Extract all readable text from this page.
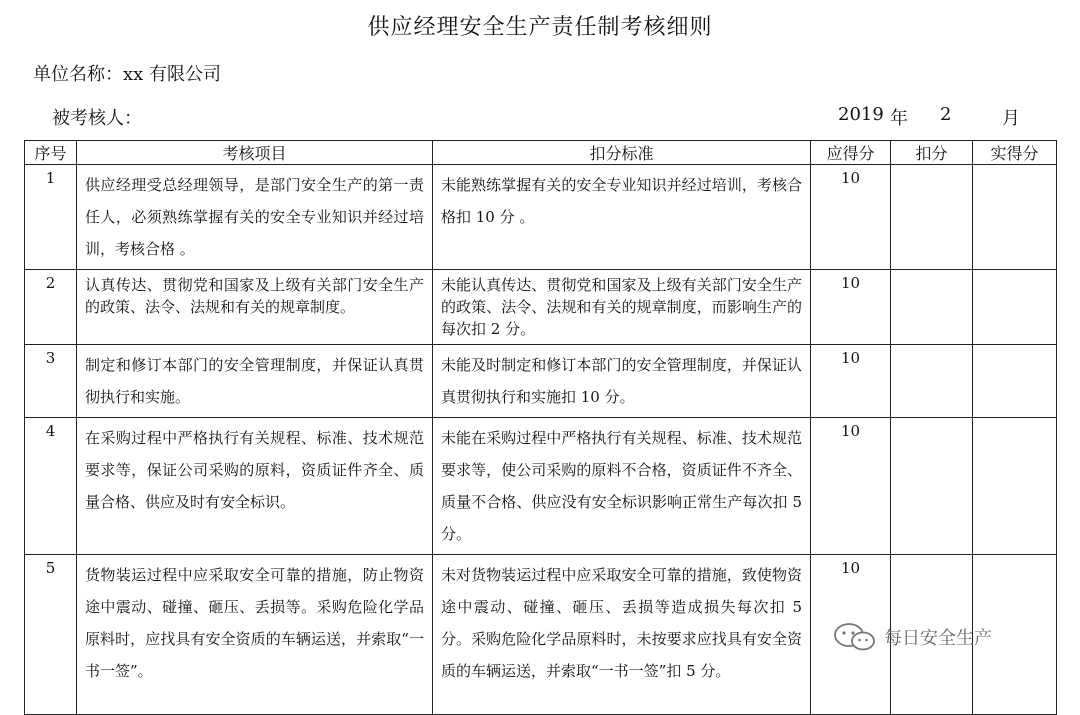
供应经理安全生产责任制考核细则
单位名称：xx 有限公司
被考核人：	2019 年 2	月
序号	考核项目	扣分标准	应得分	扣分	实得分
1	供应经理受总经理领导，是部门安全生产的第一责任人，必须熟练掌握有关的安全专业知识并经过培训，考核合格 。	未能熟练掌握有关的安全专业知识并经过培训，考核合格扣 10 分 。	10		
2	认真传达、贯彻党和国家及上级有关部门安全生产的政策、法令、法规和有关的规章制度。	未能认真传达、贯彻党和国家及上级有关部门安全生产的政策、法令、法规和有关的规章制度，而影响生产的每次扣 2 分。	10		
3	制定和修订本部门的安全管理制度，并保证认真贯彻执行和实施。	未能及时制定和修订本部门的安全管理制度，并保证认真贯彻执行和实施扣 10 分。	10		
4	在采购过程中严格执行有关规程、标准、技术规范要求等，保证公司采购的原料，资质证件齐全、质量合格、供应及时有安全标识。	未能在采购过程中严格执行有关规程、标准、技术规范要求等，使公司采购的原料不合格，资质证件不齐全、质量不合格、供应没有安全标识影响正常生产每次扣 5 分。	10		
5	货物装运过程中应采取安全可靠的措施，防止物资途中震动、碰撞、砸压、丢损等。采购危险化学品原料时，应找具有安全资质的车辆运送，并索取“一书一签”。	未对货物装运过程中应采取安全可靠的措施，致使物资途中震动、碰撞、砸压、丢损等造成损失每次扣 5 分。采购危险化学品原料时，未按要求应找具有安全资质的车辆运送，并索取“一书一签”扣 5 分。	10		
每日安全生产
